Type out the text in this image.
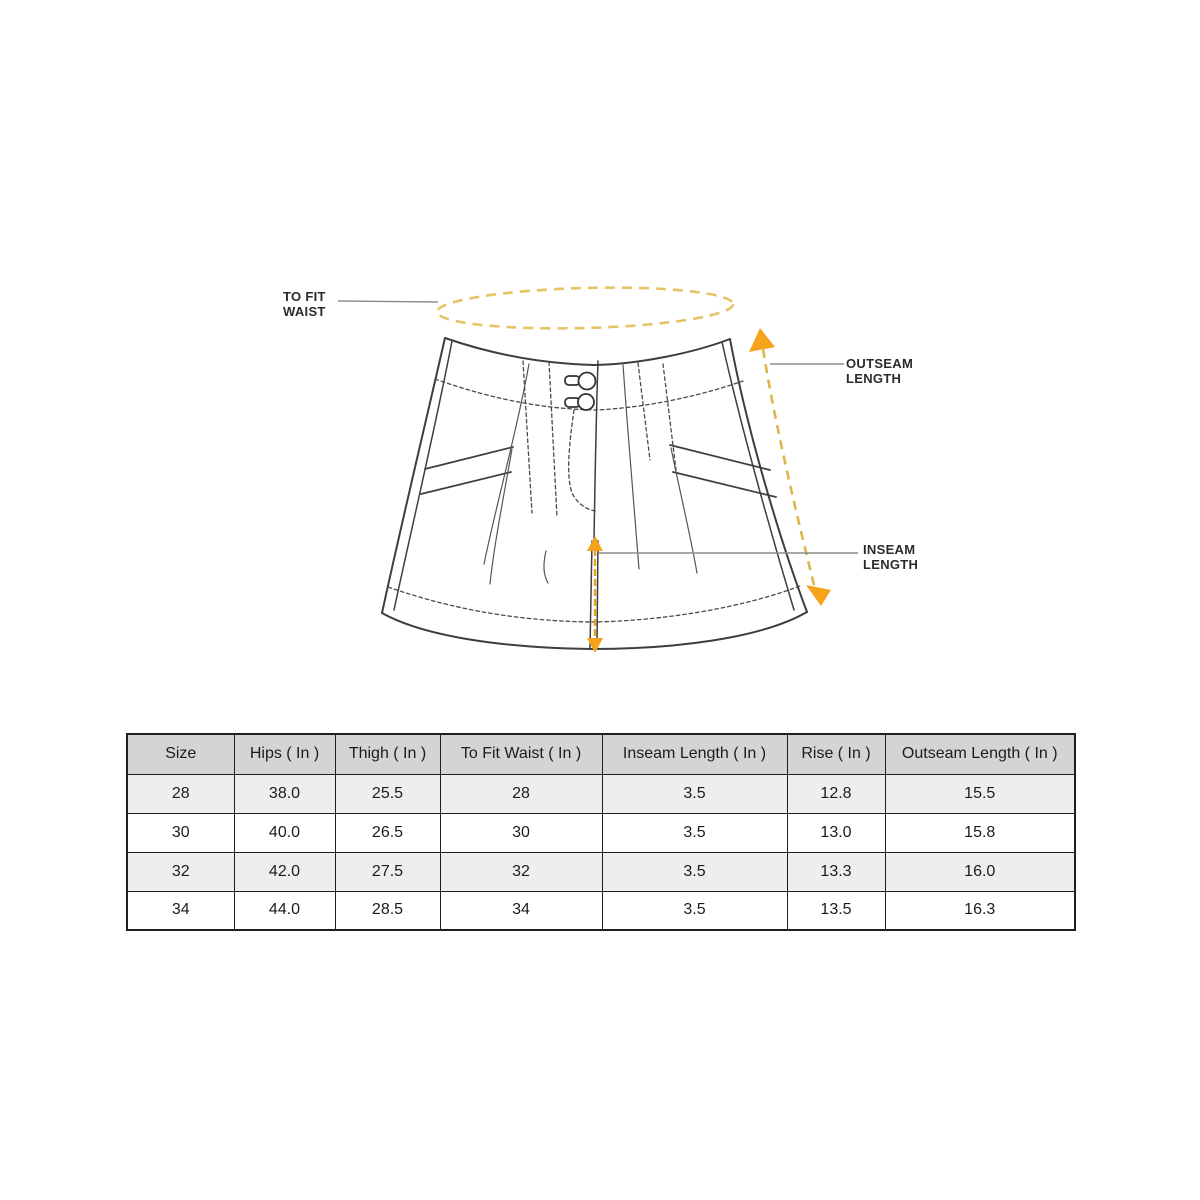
TO FIT
WAIST
OUTSEAM
LENGTH
INSEAM
LENGTH
Size	Hips ( In )	Thigh ( In )	To Fit Waist ( In )	Inseam Length ( In )	Rise ( In )	Outseam Length ( In )
28	38.0	25.5	28	3.5	12.8	15.5
30	40.0	26.5	30	3.5	13.0	15.8
32	42.0	27.5	32	3.5	13.3	16.0
34	44.0	28.5	34	3.5	13.5	16.3
